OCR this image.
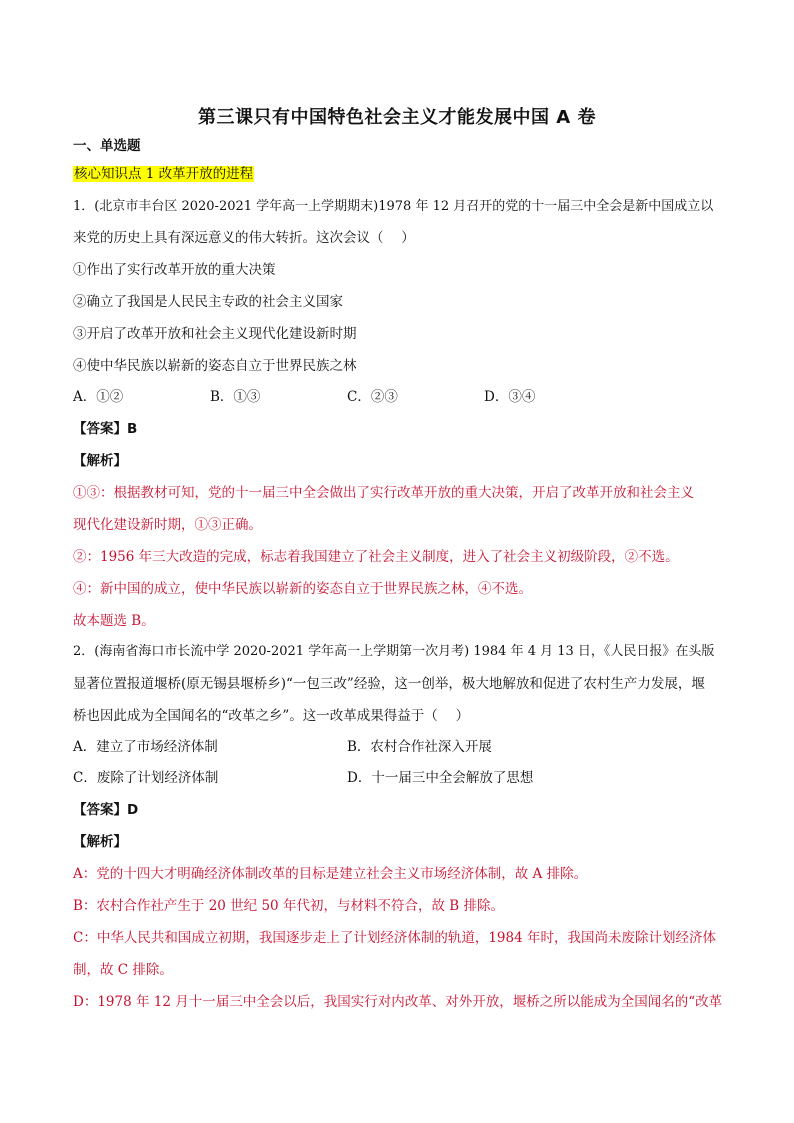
第三课只有中国特色社会主义才能发展中国 A 卷
一、单选题
核心知识点 1 改革开放的进程
1．(北京市丰台区 2020-2021 学年高一上学期期末)1978 年 12 月召开的党的十一届三中全会是新中国成立以
来党的历史上具有深远意义的伟大转折。这次会议（　 ）
①作出了实行改革开放的重大决策
②确立了我国是人民民主专政的社会主义国家
③开启了改革开放和社会主义现代化建设新时期
④使中华民族以崭新的姿态自立于世界民族之林
A．①②	B．①③	C．②③	D．③④
【答案】B
【解析】
①③：根据教材可知，党的十一届三中全会做出了实行改革开放的重大决策，开启了改革开放和社会主义
现代化建设新时期，①③正确。
②：1956 年三大改造的完成，标志着我国建立了社会主义制度，进入了社会主义初级阶段，②不选。
④：新中国的成立，使中华民族以崭新的姿态自立于世界民族之林，④不选。
故本题选 B。
2．(海南省海口市长流中学 2020-2021 学年高一上学期第一次月考) 1984 年 4 月 13 日，《人民日报》在头版
显著位置报道堰桥(原无锡县堰桥乡)“一包三改”经验，这一创举，极大地解放和促进了农村生产力发展，堰
桥也因此成为全国闻名的“改革之乡”。这一改革成果得益于（　 ）
A．建立了市场经济体制	B．农村合作社深入开展
C．废除了计划经济体制	D．十一届三中全会解放了思想
【答案】D
【解析】
A：党的十四大才明确经济体制改革的目标是建立社会主义市场经济体制，故 A 排除。
B：农村合作社产生于 20 世纪 50 年代初，与材料不符合，故 B 排除。
C：中华人民共和国成立初期，我国逐步走上了计划经济体制的轨道，1984 年时，我国尚未废除计划经济体
制，故 C 排除。
D：1978 年 12 月十一届三中全会以后，我国实行对内改革、对外开放，堰桥之所以能成为全国闻名的“改革
